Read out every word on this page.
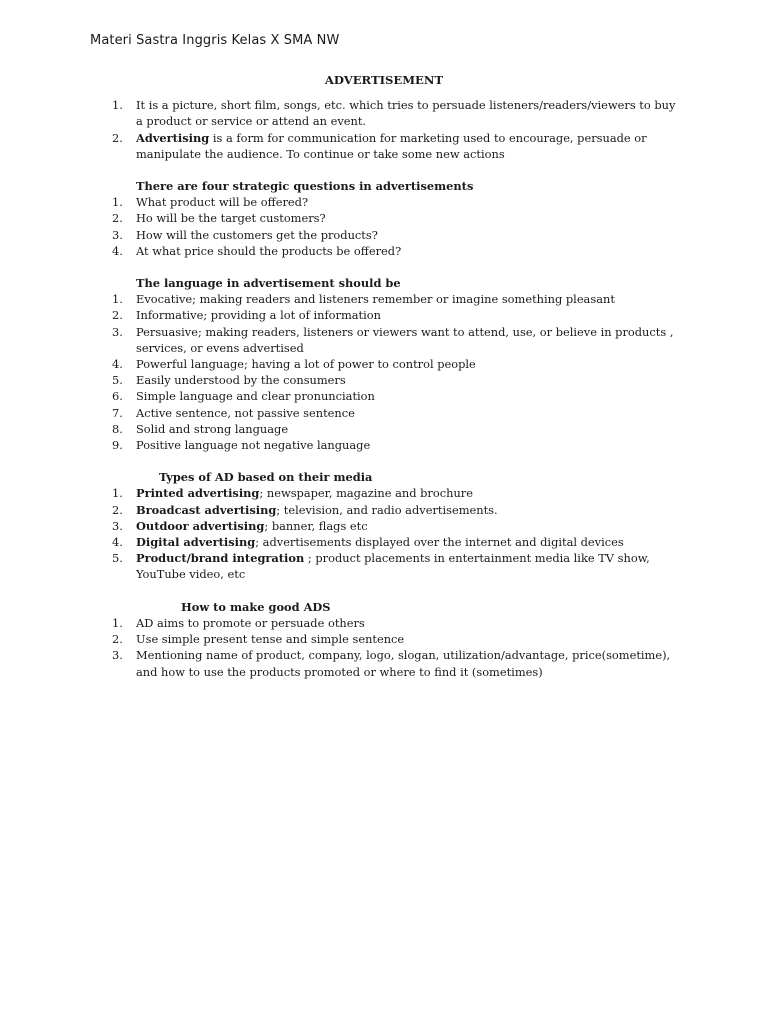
Materi Sastra Inggris Kelas X SMA NW
ADVERTISEMENT
1. It is a picture, short film, songs, etc. which tries to persuade listeners/readers/viewers to buy a product or service or attend an event.
2. Advertising is a form for communication for marketing used to encourage, persuade or manipulate the audience. To continue or take some new actions
There are four strategic questions in advertisements
1. What product will be offered?
2. Ho will be the target customers?
3. How will the customers get the products?
4. At what price should the products be offered?
The language in advertisement should be
1. Evocative; making readers and listeners remember or imagine something pleasant
2. Informative; providing a lot of information
3. Persuasive; making readers, listeners or viewers want to attend, use, or believe in products , services, or evens advertised
4. Powerful language; having a lot of power to control people
5. Easily understood by the consumers
6. Simple language and clear pronunciation
7. Active sentence, not passive sentence
8. Solid and strong language
9. Positive language not negative language
Types of AD based on their media
1. Printed advertising; newspaper, magazine and brochure
2. Broadcast advertising; television, and radio advertisements.
3. Outdoor advertising; banner, flags etc
4. Digital advertising; advertisements displayed over the internet and digital devices
5. Product/brand integration ; product placements in entertainment media like TV show, YouTube video, etc
How to make good ADS
1. AD aims to promote or persuade others
2. Use simple present tense and simple sentence
3. Mentioning name of product, company, logo, slogan, utilization/advantage, price(sometime), and how to use the products promoted or where to find it (sometimes)
